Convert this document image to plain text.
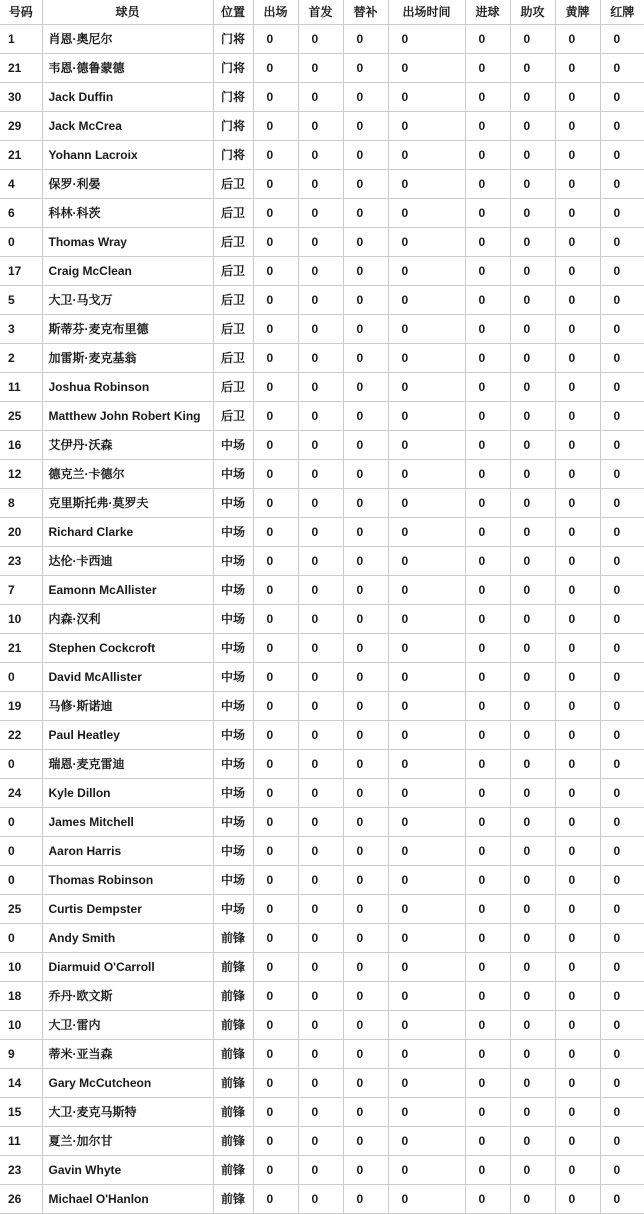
号码	球员	位置	出场	首发	替补	出场时间	进球	助攻	黄牌	红牌
1	肖恩·奥尼尔	门将	0	0	0	0	0	0	0	0
21	韦恩·德鲁蒙德	门将	0	0	0	0	0	0	0	0
30	Jack Duffin	门将	0	0	0	0	0	0	0	0
29	Jack McCrea	门将	0	0	0	0	0	0	0	0
21	Yohann Lacroix	门将	0	0	0	0	0	0	0	0
4	保罗·利晏	后卫	0	0	0	0	0	0	0	0
6	科林·科茨	后卫	0	0	0	0	0	0	0	0
0	Thomas Wray	后卫	0	0	0	0	0	0	0	0
17	Craig McClean	后卫	0	0	0	0	0	0	0	0
5	大卫·马戈万	后卫	0	0	0	0	0	0	0	0
3	斯蒂芬·麦克布里德	后卫	0	0	0	0	0	0	0	0
2	加雷斯·麦克基翁	后卫	0	0	0	0	0	0	0	0
11	Joshua Robinson	后卫	0	0	0	0	0	0	0	0
25	Matthew John Robert King	后卫	0	0	0	0	0	0	0	0
16	艾伊丹·沃森	中场	0	0	0	0	0	0	0	0
12	德克兰·卡德尔	中场	0	0	0	0	0	0	0	0
8	克里斯托弗·莫罗夫	中场	0	0	0	0	0	0	0	0
20	Richard Clarke	中场	0	0	0	0	0	0	0	0
23	达伦·卡西迪	中场	0	0	0	0	0	0	0	0
7	Eamonn McAllister	中场	0	0	0	0	0	0	0	0
10	内森·汉利	中场	0	0	0	0	0	0	0	0
21	Stephen Cockcroft	中场	0	0	0	0	0	0	0	0
0	David McAllister	中场	0	0	0	0	0	0	0	0
19	马修·斯诺迪	中场	0	0	0	0	0	0	0	0
22	Paul Heatley	中场	0	0	0	0	0	0	0	0
0	瑞恩·麦克雷迪	中场	0	0	0	0	0	0	0	0
24	Kyle Dillon	中场	0	0	0	0	0	0	0	0
0	James Mitchell	中场	0	0	0	0	0	0	0	0
0	Aaron Harris	中场	0	0	0	0	0	0	0	0
0	Thomas Robinson	中场	0	0	0	0	0	0	0	0
25	Curtis Dempster	中场	0	0	0	0	0	0	0	0
0	Andy Smith	前锋	0	0	0	0	0	0	0	0
10	Diarmuid O'Carroll	前锋	0	0	0	0	0	0	0	0
18	乔丹·欧文斯	前锋	0	0	0	0	0	0	0	0
10	大卫·雷内	前锋	0	0	0	0	0	0	0	0
9	蒂米·亚当森	前锋	0	0	0	0	0	0	0	0
14	Gary McCutcheon	前锋	0	0	0	0	0	0	0	0
15	大卫·麦克马斯特	前锋	0	0	0	0	0	0	0	0
11	夏兰·加尔甘	前锋	0	0	0	0	0	0	0	0
23	Gavin Whyte	前锋	0	0	0	0	0	0	0	0
26	Michael O'Hanlon	前锋	0	0	0	0	0	0	0	0
